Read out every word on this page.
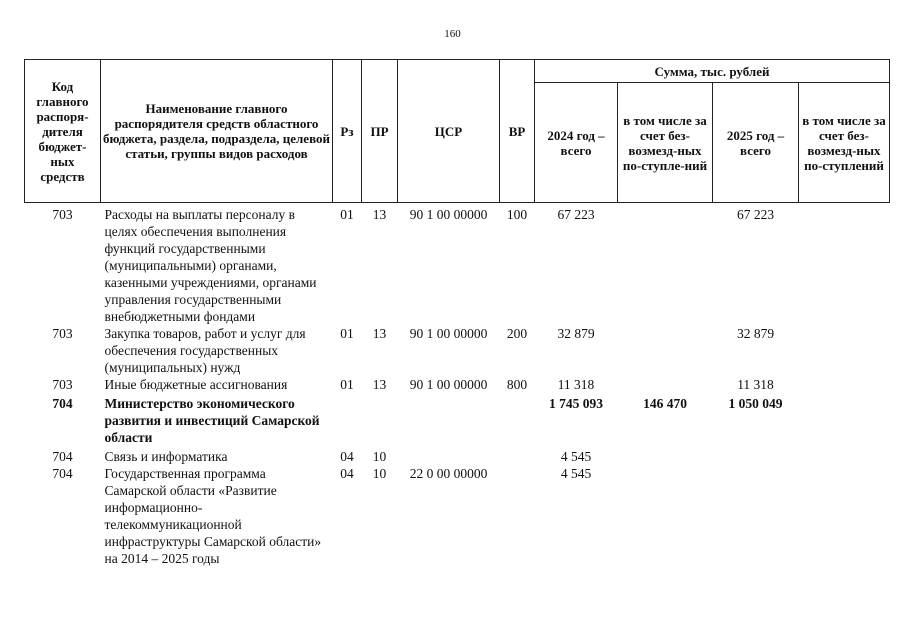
160
Код главного распоря-дителя бюджет-ных средств	Наименование главного распорядителя средств областного бюджета, раздела, подраздела, целевой статьи, группы видов расходов	Рз	ПР	ЦСР	ВР	Сумма, тыс. рублей			
						2024 год – всего	в том числе за счет без-возмезд-ных по-ступле-ний	2025 год – всего	в том числе за счет без-возмезд-ных по-ступлений

703	Расходы на выплаты персоналу в целях обеспечения выполнения функций государственными (муниципальными) органами, казенными учреждениями, органами управления государственными внебюджетными фондами	01	13	90 1 00 00000	100	67 223		67 223	
703	Закупка товаров, работ и услуг для обеспечения государственных (муниципальных) нужд	01	13	90 1 00 00000	200	32 879		32 879	
703	Иные бюджетные ассигнования	01	13	90 1 00 00000	800	11 318		11 318	
704	Министерство экономического развития и инвестиций Самарской области					1 745 093	146 470	1 050 049	
704	Связь и информатика	04	10			4 545			
704	Государственная программа Самарской области «Развитие информационно-телекоммуникационной инфраструктуры Самарской области» на 2014 – 2025 годы	04	10	22 0 00 00000		4 545			
